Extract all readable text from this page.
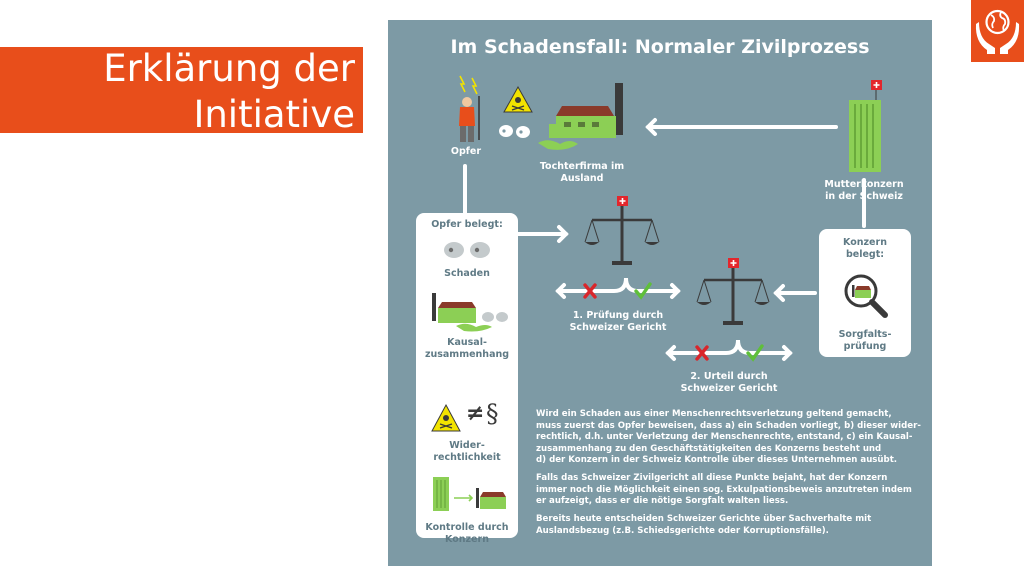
Erklärung der
Initiative
Im Schadensfall: Normaler Zivilprozess
Opfer
Tochterfirma im
Ausland
Mutterkonzern
in der Schweiz
Opfer belegt:
Schaden
Kausal-
zusammenhang
≠ §
Wider-
rechtlichkeit
Kontrolle durch
Konzern
Konzern
belegt:
Sorgfalts-
prüfung
1. Prüfung durch
Schweizer Gericht
2. Urteil durch
Schweizer Gericht
Wird ein Schaden aus einer Menschenrechtsverletzung geltend gemacht,
muss zuerst das Opfer beweisen, dass a) ein Schaden vorliegt, b) dieser wider-
rechtlich, d.h. unter Verletzung der Menschenrechte, entstand, c) ein Kausal-
zusammenhang zu den Geschäftstätigkeiten des Konzerns besteht und
d) der Konzern in der Schweiz Kontrolle über dieses Unternehmen ausübt.
Falls das Schweizer Zivilgericht all diese Punkte bejaht, hat der Konzern
immer noch die Möglichkeit einen sog. Exkulpationsbeweis anzutreten indem
er aufzeigt, dass er die nötige Sorgfalt walten liess.
Bereits heute entscheiden Schweizer Gerichte über Sachverhalte mit
Auslandsbezug (z.B. Schiedsgerichte oder Korruptionsfälle).
